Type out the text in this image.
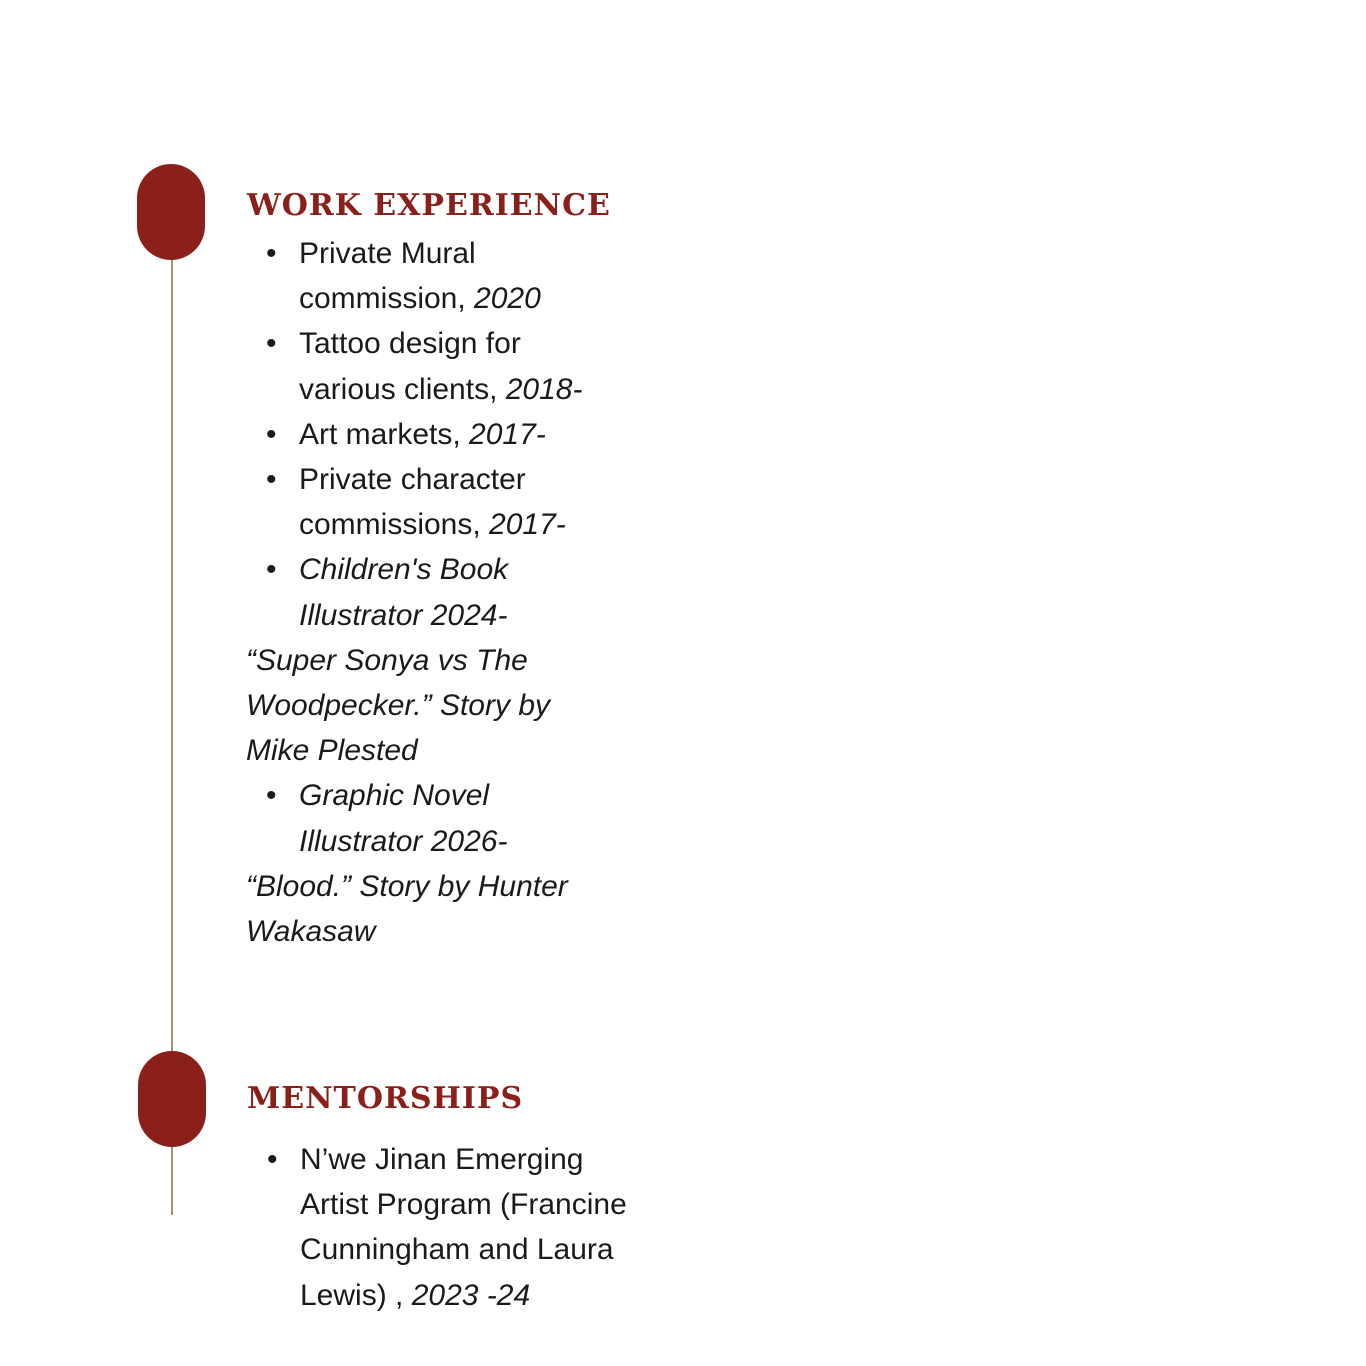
WORK EXPERIENCE
• Private Mural
commission, 2020
• Tattoo design for
various clients, 2018-
• Art markets, 2017-
• Private character
commissions, 2017-
• Children's Book
Illustrator 2024-
“Super Sonya vs The
Woodpecker.” Story by
Mike Plested
• Graphic Novel
Illustrator 2026-
“Blood.” Story by Hunter
Wakasaw
MENTORSHIPS
• N’we Jinan Emerging
Artist Program (Francine
Cunningham and Laura
Lewis) , 2023 -24
